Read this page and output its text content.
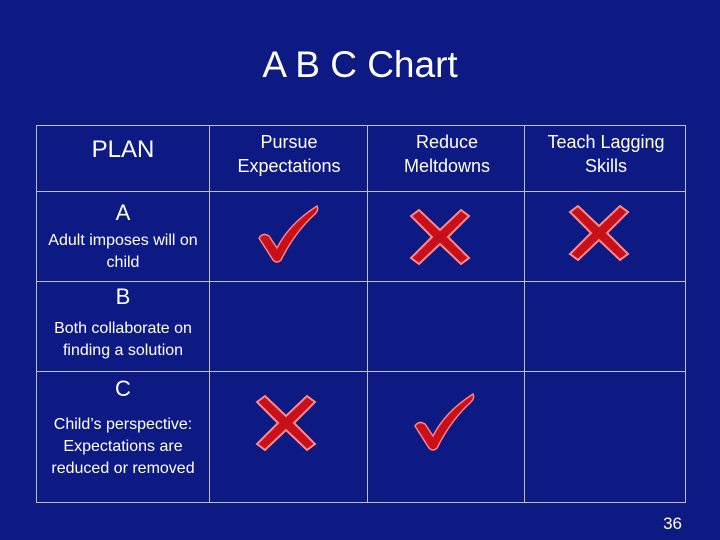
A B C Chart
PLAN	Pursue Expectations
Reduce Meltdowns
Teach Lagging Skills
A
Adult imposes will on child
B
Both collaborate on finding a solution
C
Child’s perspective: Expectations are reduced or removed
36
